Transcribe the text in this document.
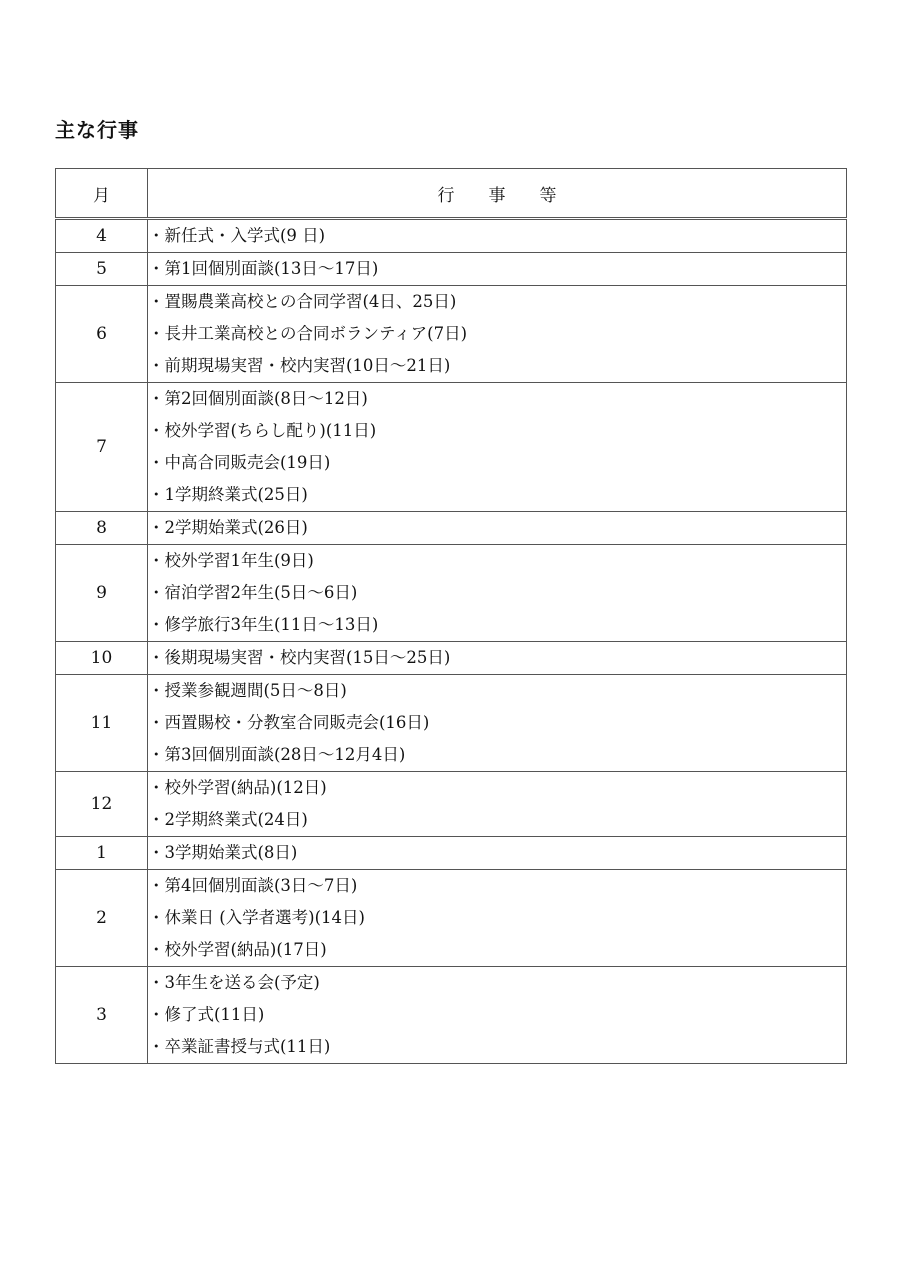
主な行事
月	行　　事　　等
4	・新任式・入学式(9 日)

5	・第1回個別面談(13日～17日)

6	・置賜農業高校との合同学習(4日、25日)
・長井工業高校との合同ボランティア(7日)
・前期現場実習・校内実習(10日～21日)

7	・第2回個別面談(8日～12日)
・校外学習(ちらし配り)(11日)
・中高合同販売会(19日)
・1学期終業式(25日)

8	・2学期始業式(26日)

9	・校外学習1年生(9日)
・宿泊学習2年生(5日～6日)
・修学旅行3年生(11日～13日)

10	・後期現場実習・校内実習(15日～25日)

11	・授業参観週間(5日～8日)
・西置賜校・分教室合同販売会(16日)
・第3回個別面談(28日～12月4日)

12	・校外学習(納品)(12日)
・2学期終業式(24日)

1	・3学期始業式(8日)

2	・第4回個別面談(3日～7日)
・休業日 (入学者選考)(14日)
・校外学習(納品)(17日)

3	・3年生を送る会(予定)
・修了式(11日)
・卒業証書授与式(11日)
